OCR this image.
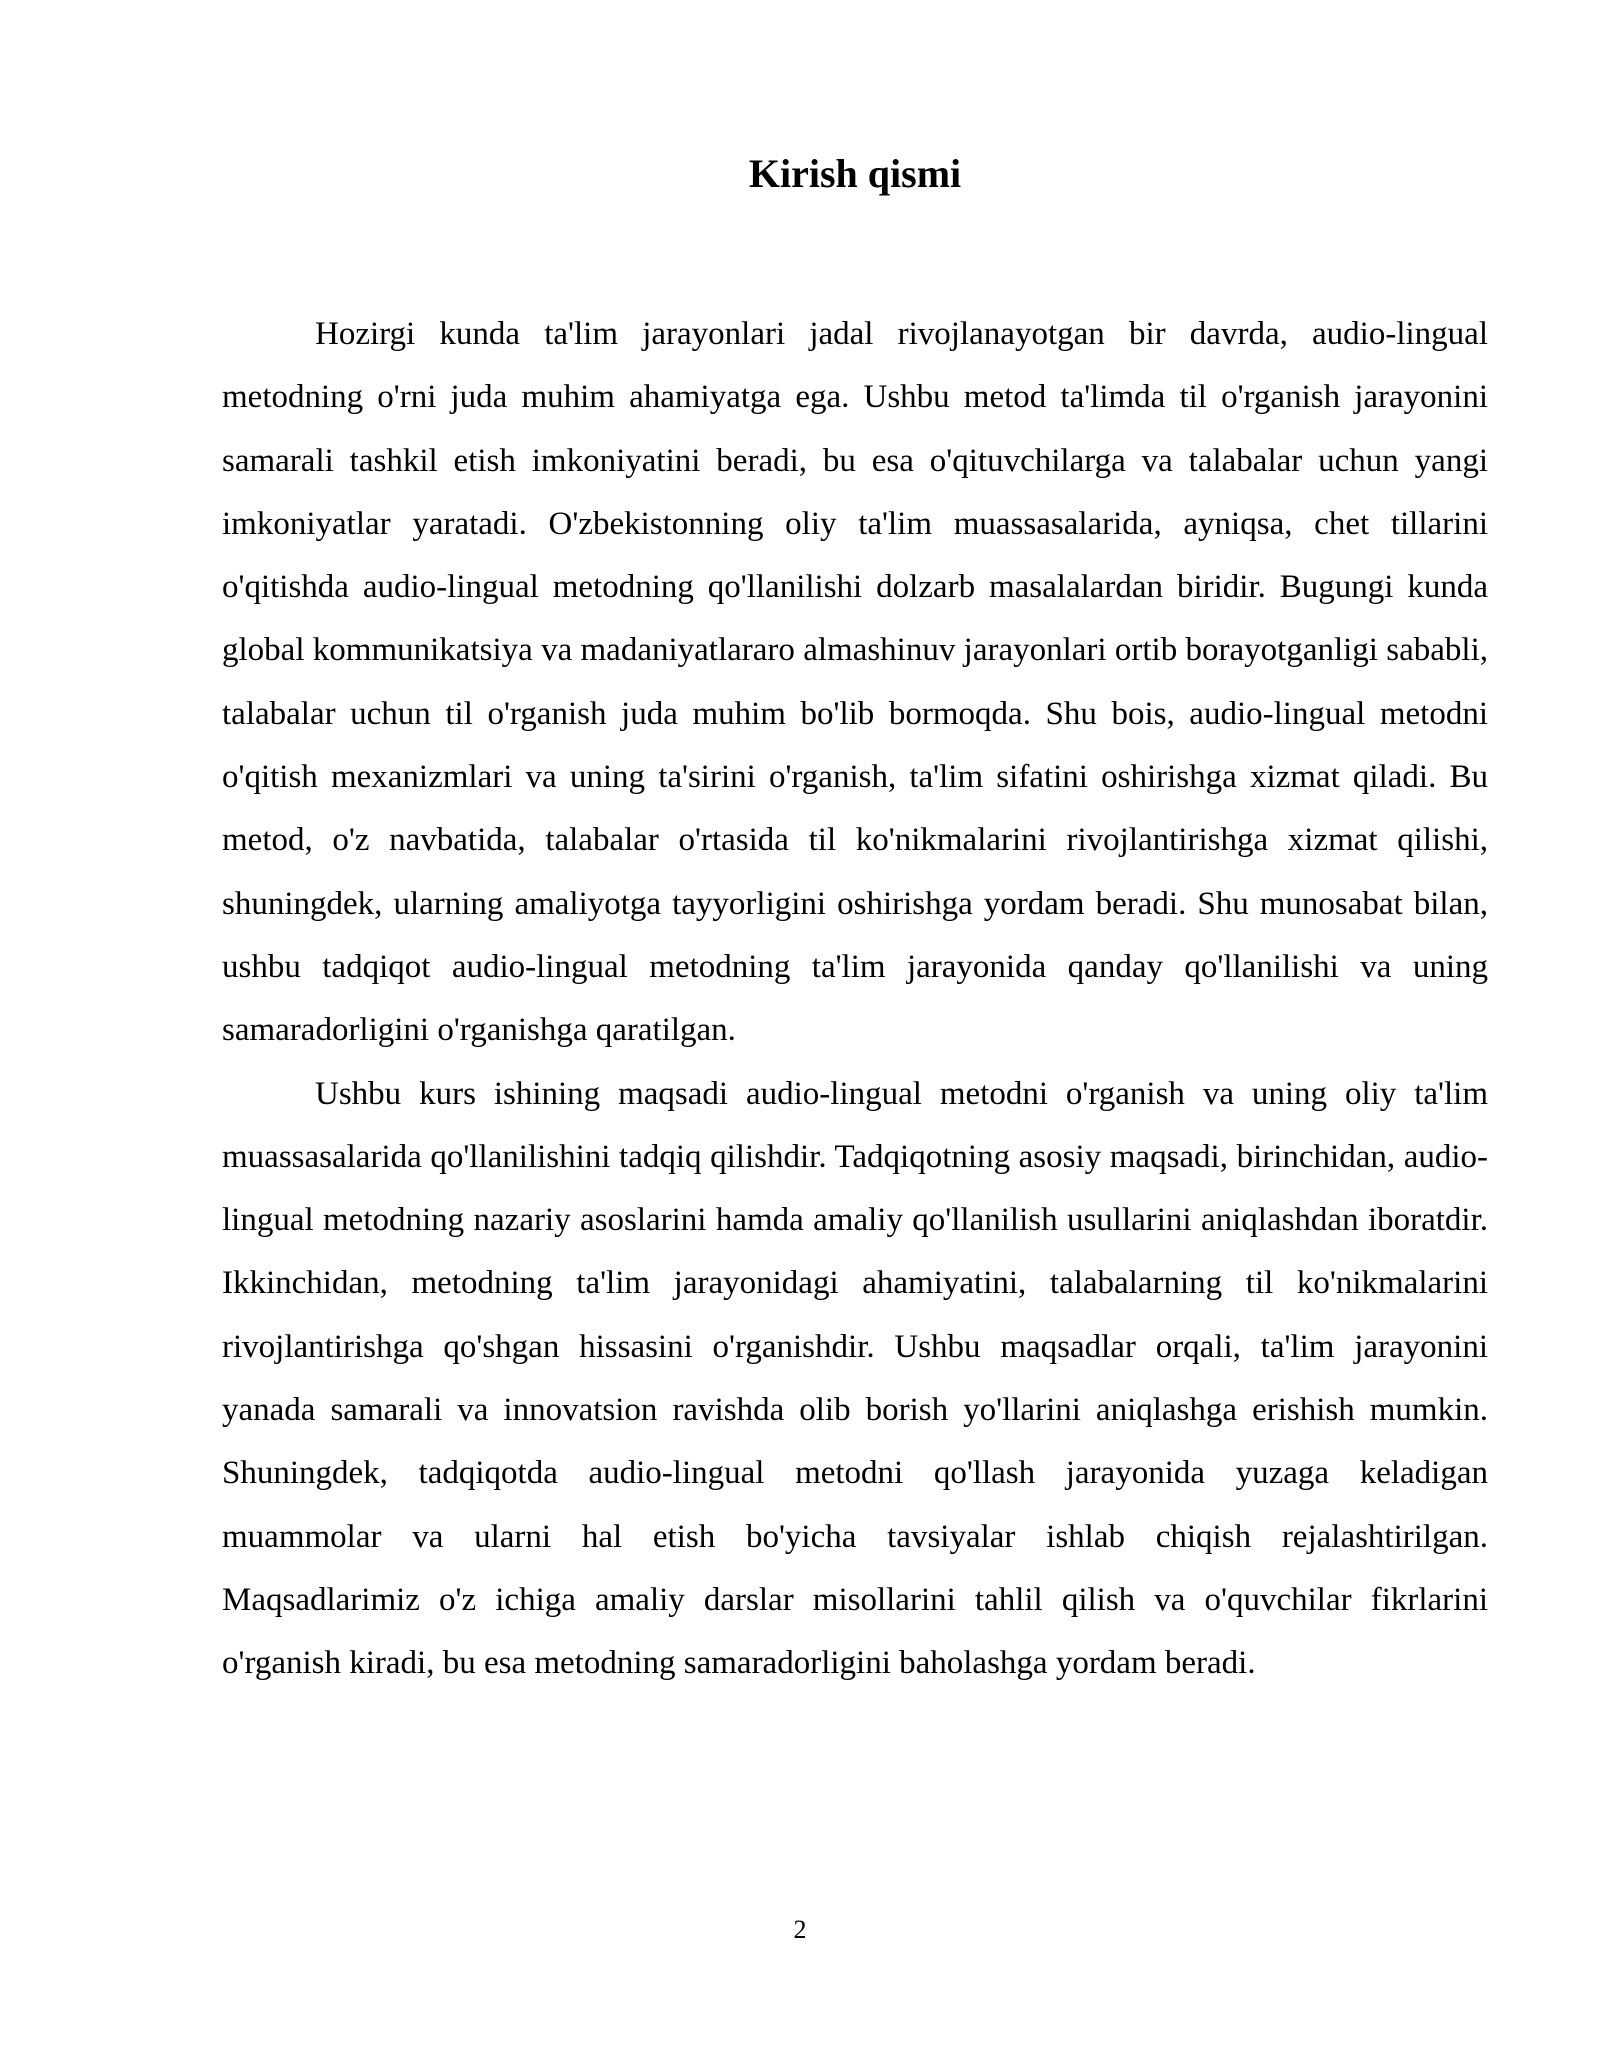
Kirish qismi

Hozirgi kunda ta'lim jarayonlari jadal rivojlanayotgan bir davrda, audio-lingual metodning o'rni juda muhim ahamiyatga ega. Ushbu metod ta'limda til o'rganish jarayonini samarali tashkil etish imkoniyatini beradi, bu esa o'qituvchilarga va talabalar uchun yangi imkoniyatlar yaratadi. O'zbekistonning oliy ta'lim muassasalarida, ayniqsa, chet tillarini o'qitishda audio-lingual metodning qo'llanilishi dolzarb masalalardan biridir. Bugungi kunda global kommunikatsiya va madaniyatlararo almashinuv jarayonlari ortib borayotganligi sababli, talabalar uchun til o'rganish juda muhim bo'lib bormoqda. Shu bois, audio-lingual metodni o'qitish mexanizmlari va uning ta'sirini o'rganish, ta'lim sifatini oshirishga xizmat qiladi. Bu metod, o'z navbatida, talabalar o'rtasida til ko'nikmalarini rivojlantirishga xizmat qilishi, shuningdek, ularning amaliyotga tayyorligini oshirishga yordam beradi. Shu munosabat bilan, ushbu tadqiqot audio-lingual metodning ta'lim jarayonida qanday qo'llanilishi va uning samaradorligini o'rganishga qaratilgan.

Ushbu kurs ishining maqsadi audio-lingual metodni o'rganish va uning oliy ta'lim muassasalarida qo'llanilishini tadqiq qilishdir. Tadqiqotning asosiy maqsadi, birinchidan, audio-lingual metodning nazariy asoslarini hamda amaliy qo'llanilish usullarini aniqlashdan iboratdir. Ikkinchidan, metodning ta'lim jarayonidagi ahamiyatini, talabalarning til ko'nikmalarini rivojlantirishga qo'shgan hissasini o'rganishdir. Ushbu maqsadlar orqali, ta'lim jarayonini yanada samarali va innovatsion ravishda olib borish yo'llarini aniqlashga erishish mumkin. Shuningdek, tadqiqotda audio-lingual metodni qo'llash jarayonida yuzaga keladigan muammolar va ularni hal etish bo'yicha tavsiyalar ishlab chiqish rejalashtirilgan. Maqsadlarimiz o'z ichiga amaliy darslar misollarini tahlil qilish va o'quvchilar fikrlarini o'rganish kiradi, bu esa metodning samaradorligini baholashga yordam beradi.

2
